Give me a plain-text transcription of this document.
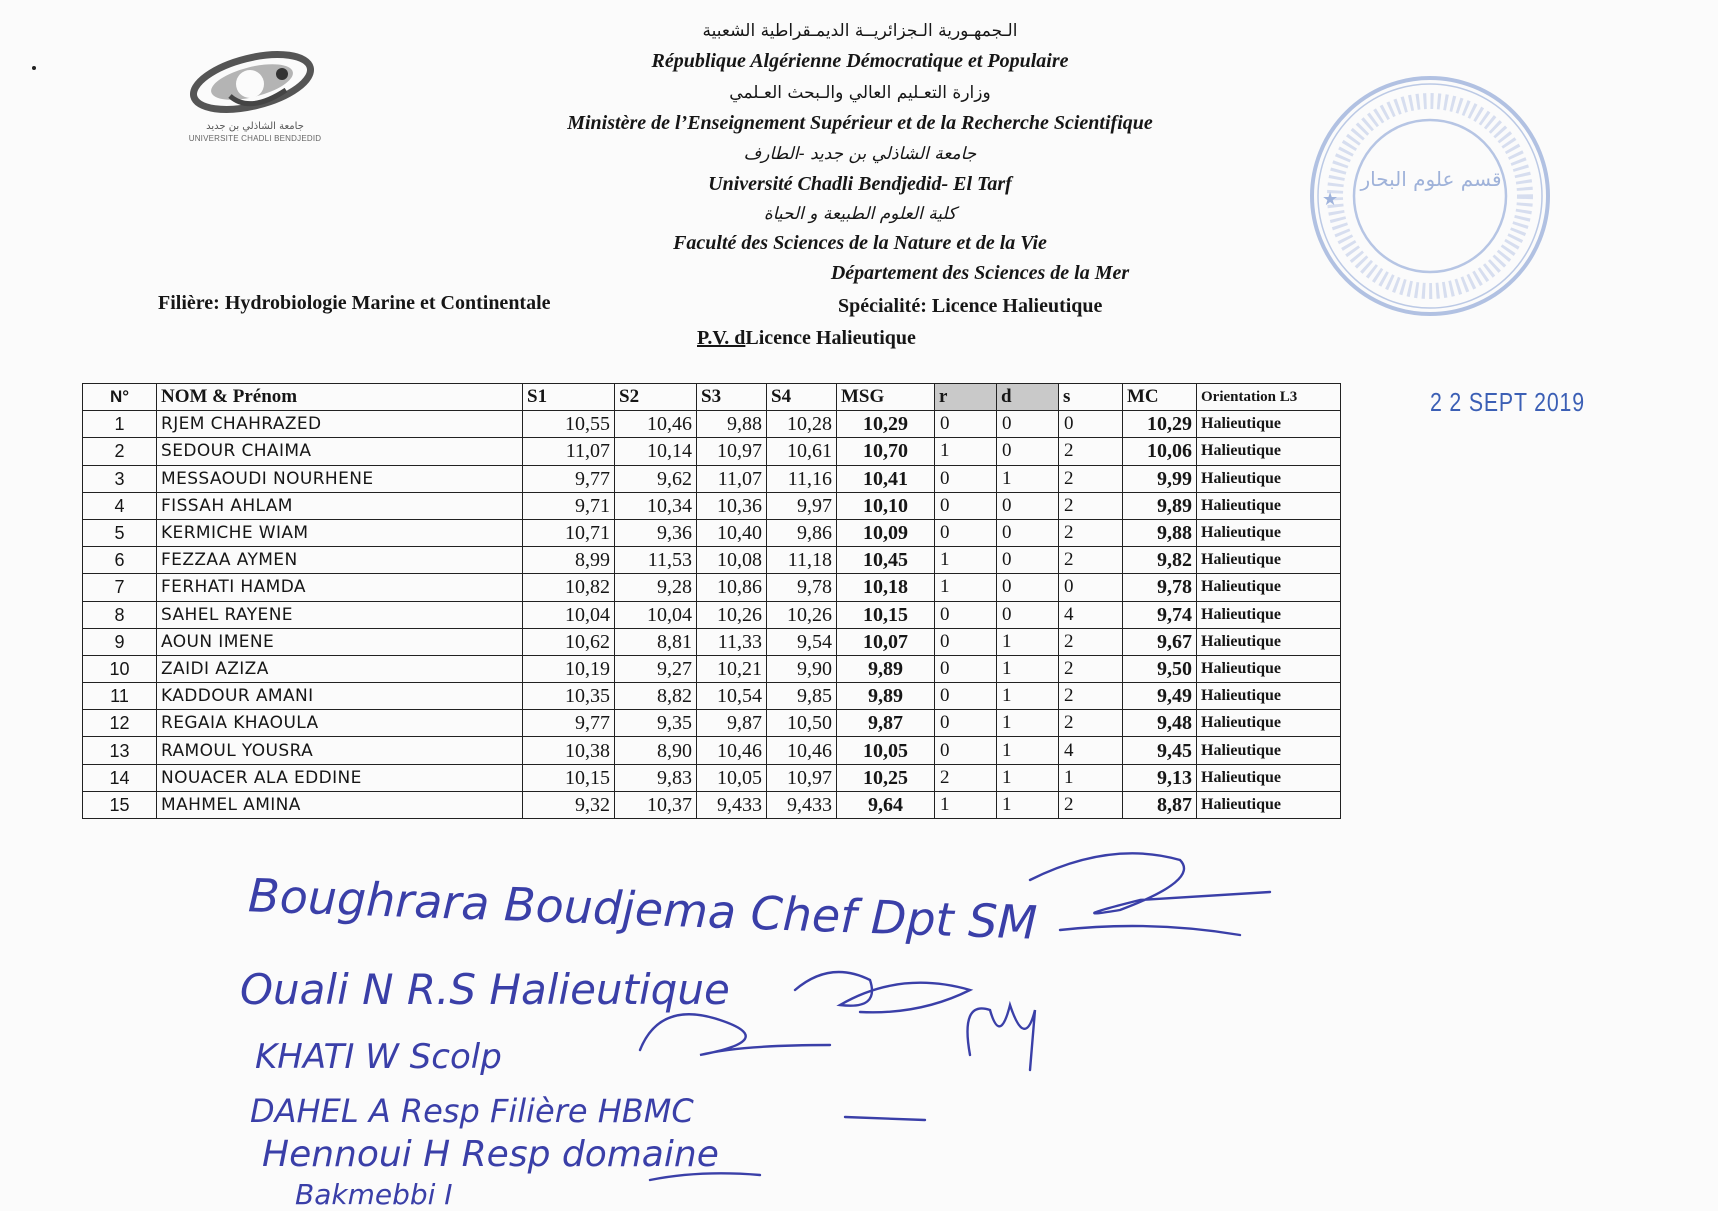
جامعة الشاذلي بن جديد
UNIVERSITE CHADLI BENDJEDID
الـجمهـورية الـجزائريــة الديمـقراطية الشعبية
République Algérienne Démocratique et Populaire
وزارة التعـليم العالي والـبحث العـلمي
Ministère de l’Enseignement Supérieur et de la Recherche Scientifique
جامعة الشاذلي بن جديد -الطارف
Université Chadli Bendjedid- El Tarf
كلية العلوم الطبيعة و الحياة
Faculté des Sciences de la Nature et de la Vie
Département des Sciences de la Mer
Filière: Hydrobiologie Marine et Continentale	Spécialité: Licence Halieutique
P.V. dLicence Halieutique
★
قسم علوم البحار
2 2 SEPT 2019
N°	NOM & Prénom	S1	S2	S3	S4	MSG	r	d	s	MC	Orientation L3
1	RJEM CHAHRAZED	10,55	10,46	9,88	10,28	10,29	0	0	0	10,29	Halieutique
2	SEDOUR CHAIMA	11,07	10,14	10,97	10,61	10,70	1	0	2	10,06	Halieutique
3	MESSAOUDI NOURHENE	9,77	9,62	11,07	11,16	10,41	0	1	2	9,99	Halieutique
4	FISSAH AHLAM	9,71	10,34	10,36	9,97	10,10	0	0	2	9,89	Halieutique
5	KERMICHE WIAM	10,71	9,36	10,40	9,86	10,09	0	0	2	9,88	Halieutique
6	FEZZAA AYMEN	8,99	11,53	10,08	11,18	10,45	1	0	2	9,82	Halieutique
7	FERHATI HAMDA	10,82	9,28	10,86	9,78	10,18	1	0	0	9,78	Halieutique
8	SAHEL RAYENE	10,04	10,04	10,26	10,26	10,15	0	0	4	9,74	Halieutique
9	AOUN IMENE	10,62	8,81	11,33	9,54	10,07	0	1	2	9,67	Halieutique
10	ZAIDI AZIZA	10,19	9,27	10,21	9,90	9,89	0	1	2	9,50	Halieutique
11	KADDOUR AMANI	10,35	8,82	10,54	9,85	9,89	0	1	2	9,49	Halieutique
12	REGAIA KHAOULA	9,77	9,35	9,87	10,50	9,87	0	1	2	9,48	Halieutique
13	RAMOUL YOUSRA	10,38	8,90	10,46	10,46	10,05	0	1	4	9,45	Halieutique
14	NOUACER ALA EDDINE	10,15	9,83	10,05	10,97	10,25	2	1	1	9,13	Halieutique
15	MAHMEL AMINA	9,32	10,37	9,433	9,433	9,64	1	1	2	8,87	Halieutique
Boughrara Boudjema Chef Dpt SM
Ouali N R.S Halieutique
KHATI W Scolp
DAHEL A Resp Filière HBMC
Hennoui H Resp domaine
Bakmebbi I
